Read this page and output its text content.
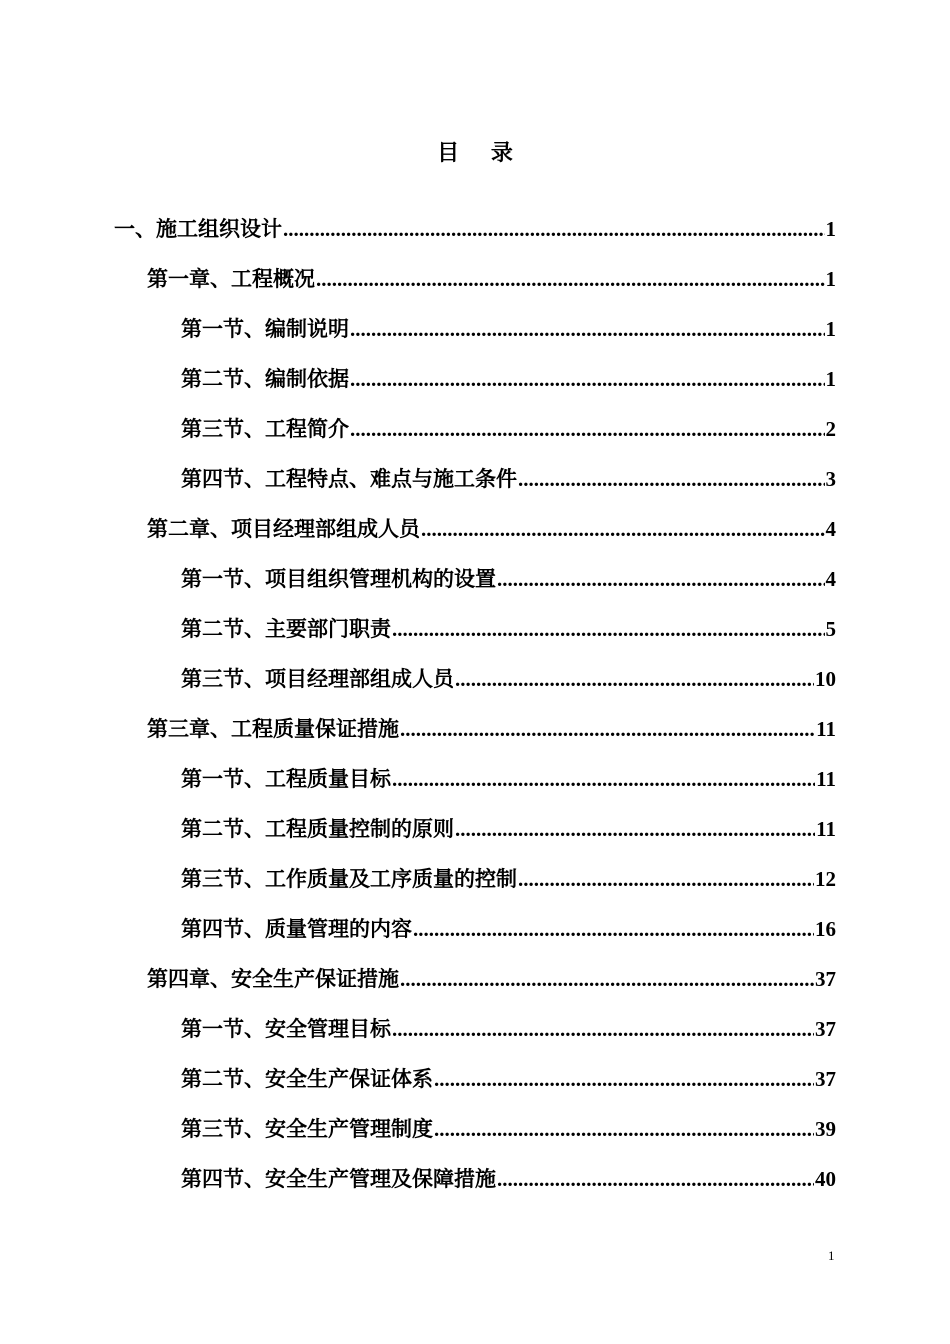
目 录
一、施工组织设计 .....	1
第一章、工程概况 .....	1
第一节、编制说明 .....	1
第二节、编制依据 .....	1
第三节、工程简介 .....	2
第四节、工程特点、难点与施工条件 .....	3
第二章、项目经理部组成人员 .....	4
第一节、项目组织管理机构的设置 .....	4
第二节、主要部门职责 .....	5
第三节、项目经理部组成人员 .....	10
第三章、工程质量保证措施 .....	11
第一节、工程质量目标 .....	11
第二节、工程质量控制的原则 .....	11
第三节、工作质量及工序质量的控制 .....	12
第四节、质量管理的内容 .....	16
第四章、安全生产保证措施 .....	37
第一节、安全管理目标 .....	37
第二节、安全生产保证体系 .....	37
第三节、安全生产管理制度 .....	39
第四节、安全生产管理及保障措施 .....	40
1
